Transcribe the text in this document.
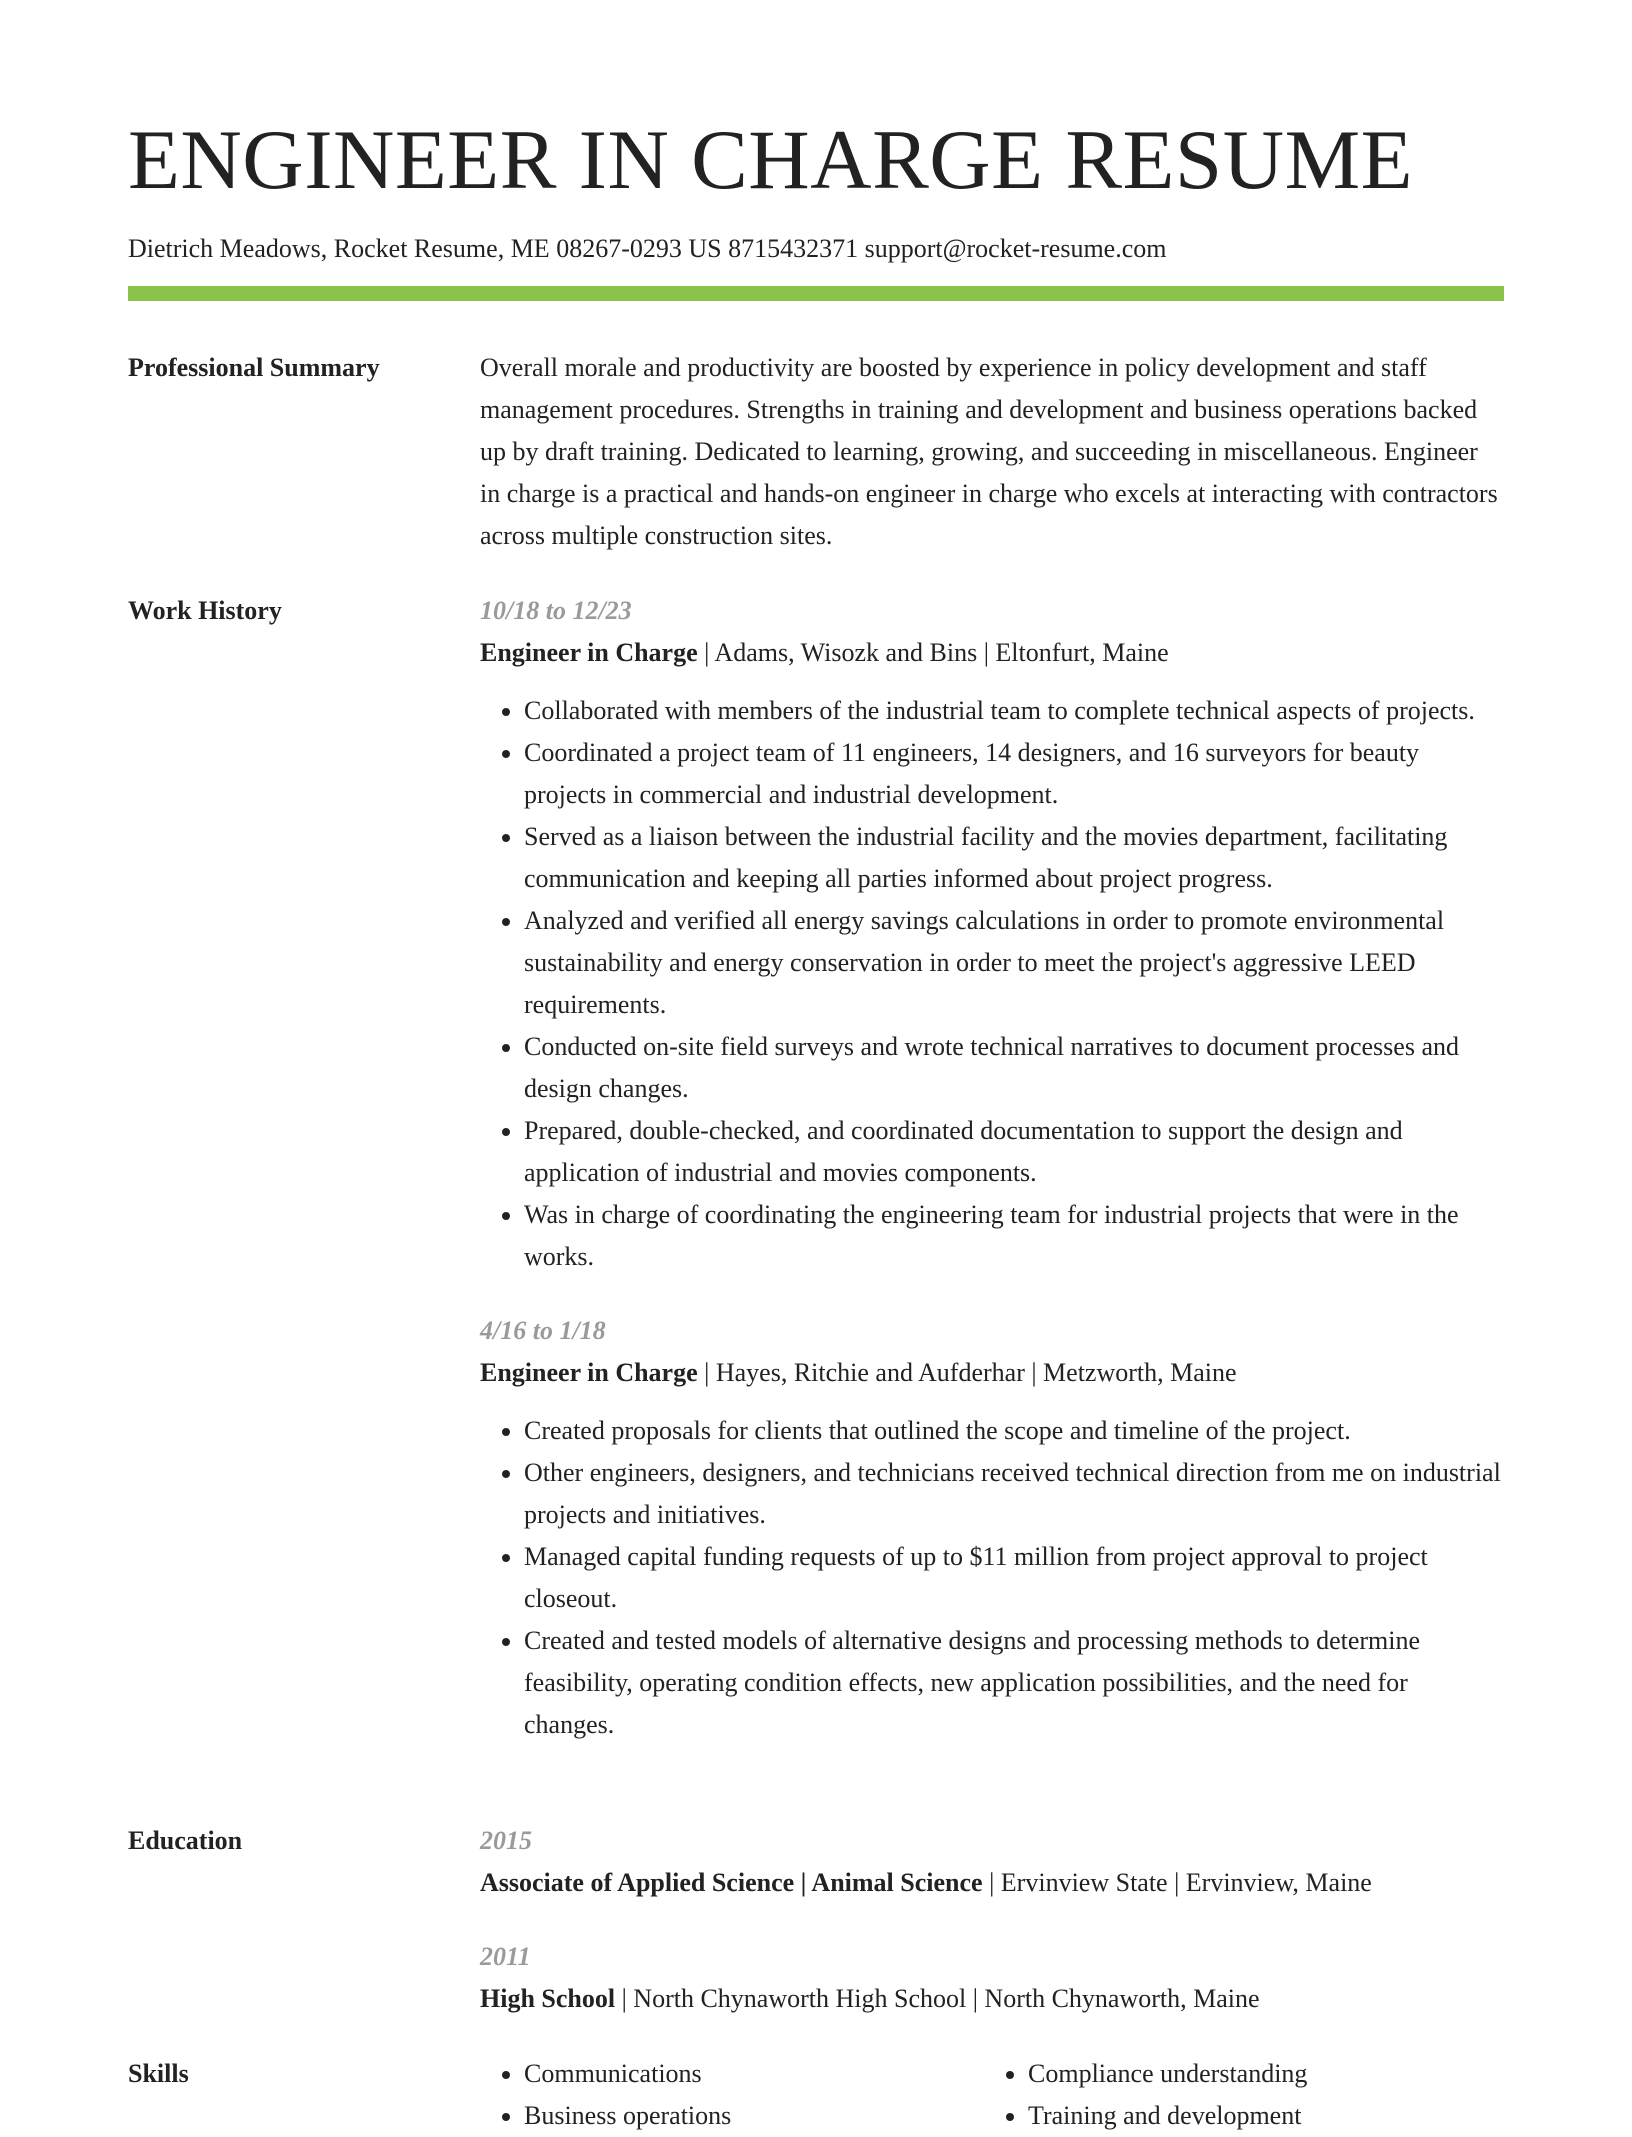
ENGINEER IN CHARGE RESUME
Dietrich Meadows, Rocket Resume, ME 08267-0293 US 8715432371 support@rocket-resume.com
Professional Summary	Overall morale and productivity are boosted by experience in policy development and staff management procedures. Strengths in training and development and business operations backed up by draft training. Dedicated to learning, growing, and succeeding in miscellaneous. Engineer in charge is a practical and hands-on engineer in charge who excels at interacting with contractors across multiple construction sites.

Work History	10/18 to 12/23
Engineer in Charge | Adams, Wisozk and Bins | Eltonfurt, Maine
• Collaborated with members of the industrial team to complete technical aspects of projects.
• Coordinated a project team of 11 engineers, 14 designers, and 16 surveyors for beauty projects in commercial and industrial development.
• Served as a liaison between the industrial facility and the movies department, facilitating communication and keeping all parties informed about project progress.
• Analyzed and verified all energy savings calculations in order to promote environmental sustainability and energy conservation in order to meet the project's aggressive LEED requirements.
• Conducted on-site field surveys and wrote technical narratives to document processes and design changes.
• Prepared, double-checked, and coordinated documentation to support the design and application of industrial and movies components.
• Was in charge of coordinating the engineering team for industrial projects that were in the works.
4/16 to 1/18
Engineer in Charge | Hayes, Ritchie and Aufderhar | Metzworth, Maine
• Created proposals for clients that outlined the scope and timeline of the project.
• Other engineers, designers, and technicians received technical direction from me on industrial projects and initiatives.
• Managed capital funding requests of up to $11 million from project approval to project closeout.
• Created and tested models of alternative designs and processing methods to determine feasibility, operating condition effects, new application possibilities, and the need for changes.
Education	2015
Associate of Applied Science | Animal Science | Ervinview State | Ervinview, Maine
2011
High School | North Chynaworth High School | North Chynaworth, Maine
Skills
•	Communications
• Business operations
• Compliance understanding
• Training and development
